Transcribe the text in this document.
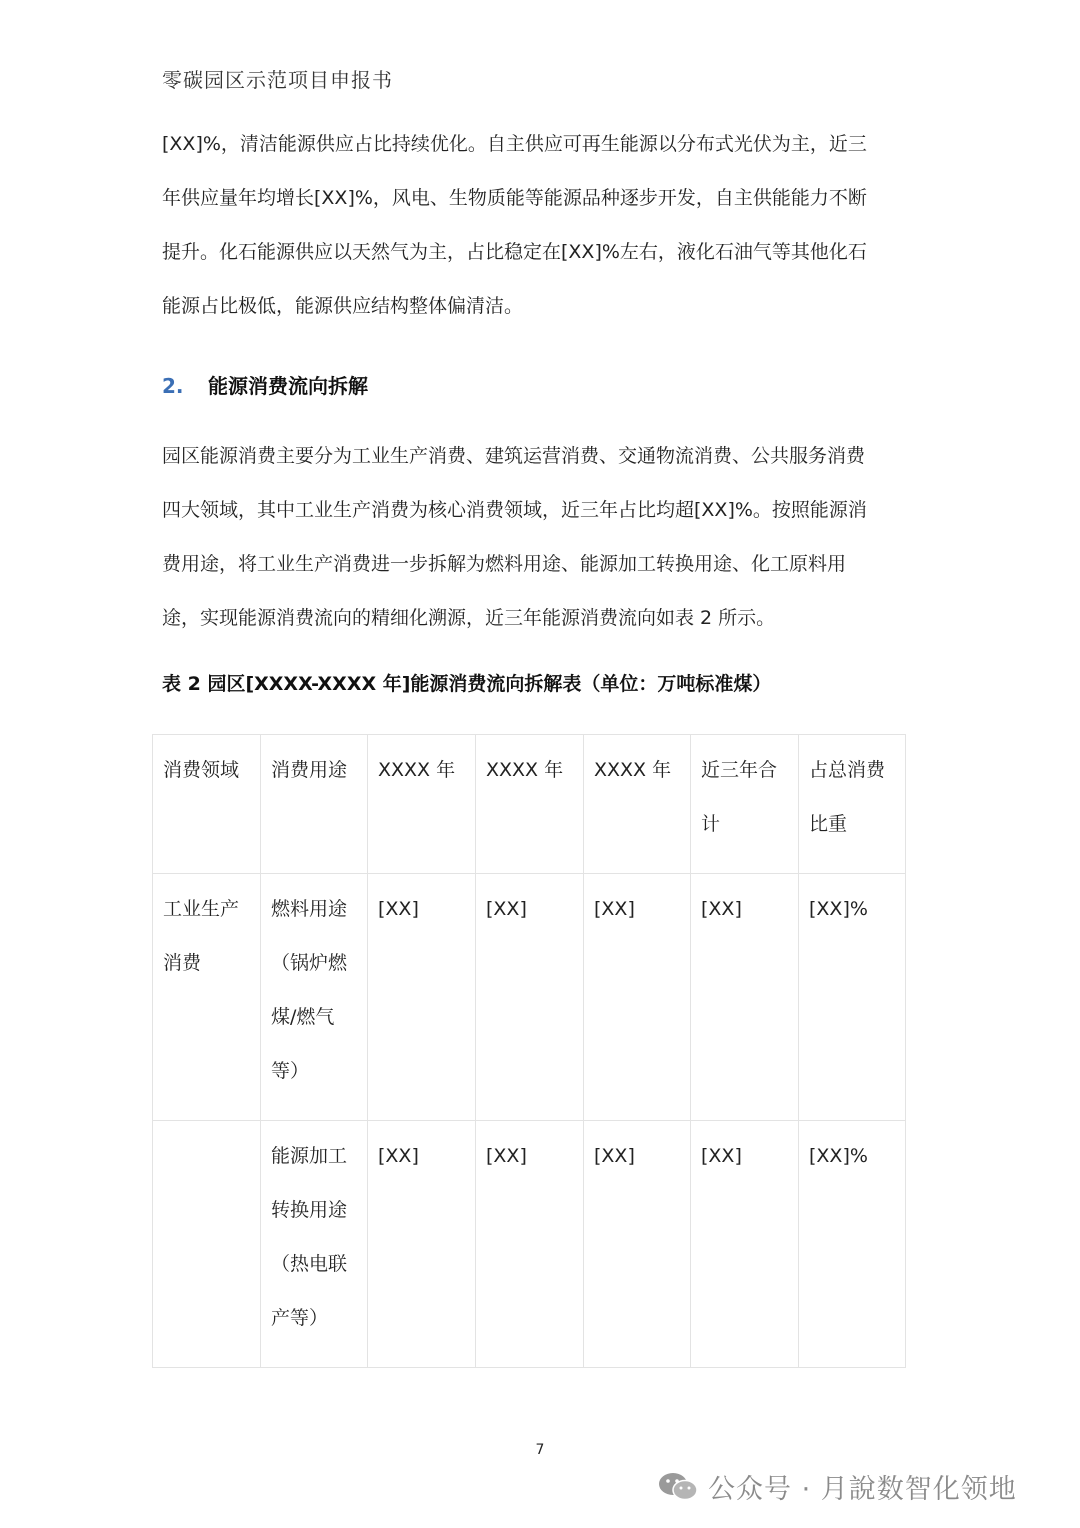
零碳园区示范项目申报书
[XX]%，清洁能源供应占比持续优化。自主供应可再生能源以分布式光伏为主，近三
年供应量年均增长[XX]%，风电、生物质能等能源品种逐步开发，自主供能能力不断
提升。化石能源供应以天然气为主，占比稳定在[XX]%左右，液化石油气等其他化石
能源占比极低，能源供应结构整体偏清洁。
2. 能源消费流向拆解
园区能源消费主要分为工业生产消费、建筑运营消费、交通物流消费、公共服务消费
四大领域，其中工业生产消费为核心消费领域，近三年占比均超[XX]%。按照能源消
费用途，将工业生产消费进一步拆解为燃料用途、能源加工转换用途、化工原料用
途，实现能源消费流向的精细化溯源，近三年能源消费流向如表 2 所示。
表 2 园区[XXXX-XXXX 年]能源消费流向拆解表（单位：万吨标准煤）
消费领域	消费用途	XXXX 年	XXXX 年	XXXX 年	近三年合计	占总消费比重
工业生产消费	燃料用途（锅炉燃煤/燃气等）	[XX]	[XX]	[XX]	[XX]	[XX]%
	能源加工转换用途（热电联产等）	[XX]	[XX]	[XX]	[XX]	[XX]%
7
公众号 · 月說数智化领地
